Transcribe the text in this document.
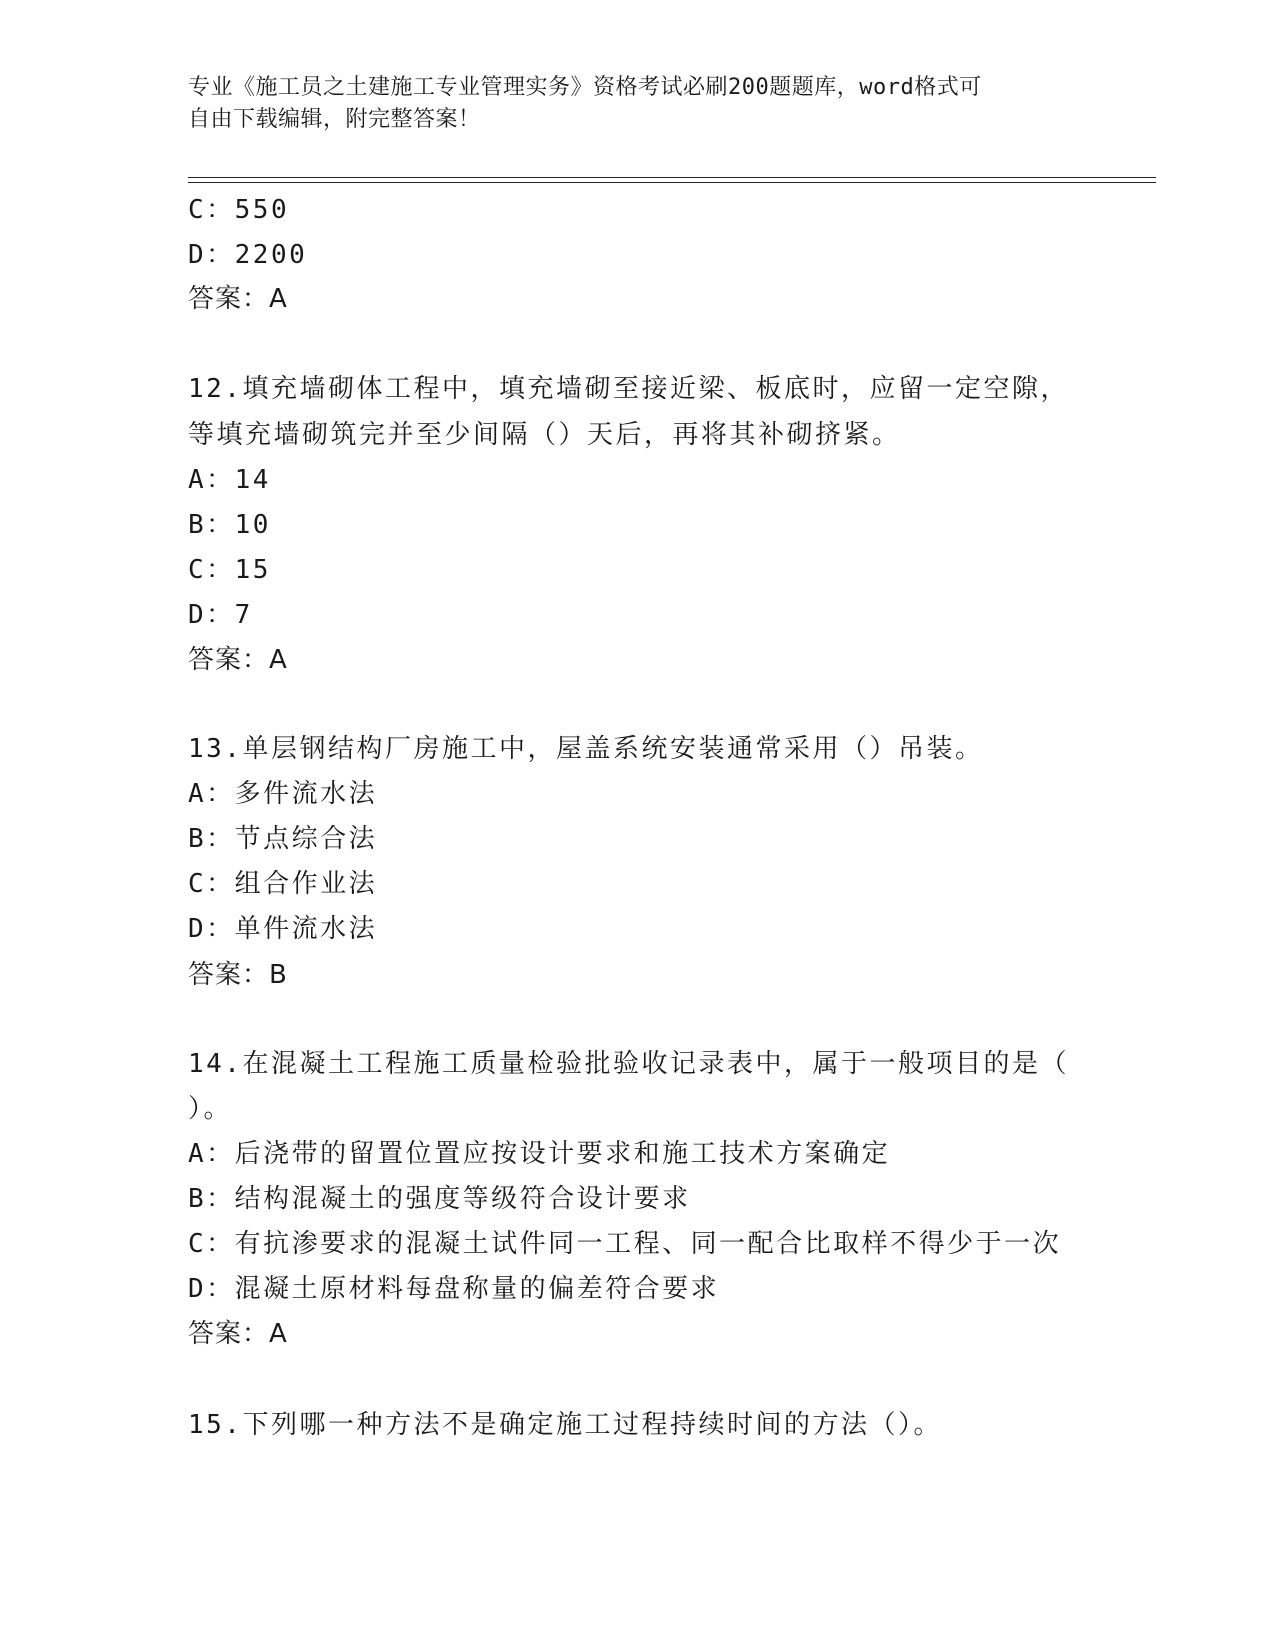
专业《施工员之土建施工专业管理实务》资格考试必刷200题题库，word格式可
自由下载编辑，附完整答案！
C：550
D：2200
答案：A
12.填充墙砌体工程中，填充墙砌至接近梁、板底时，应留一定空隙，
等填充墙砌筑完并至少间隔（）天后，再将其补砌挤紧。
A：14
B：10
C：15
D：7
答案：A
13.单层钢结构厂房施工中，屋盖系统安装通常采用（）吊装。
A：多件流水法
B：节点综合法
C：组合作业法
D：单件流水法
答案：B
14.在混凝土工程施工质量检验批验收记录表中，属于一般项目的是（
）。
A：后浇带的留置位置应按设计要求和施工技术方案确定
B：结构混凝土的强度等级符合设计要求
C：有抗渗要求的混凝土试件同一工程、同一配合比取样不得少于一次
D：混凝土原材料每盘称量的偏差符合要求
答案：A
15.下列哪一种方法不是确定施工过程持续时间的方法（）。
